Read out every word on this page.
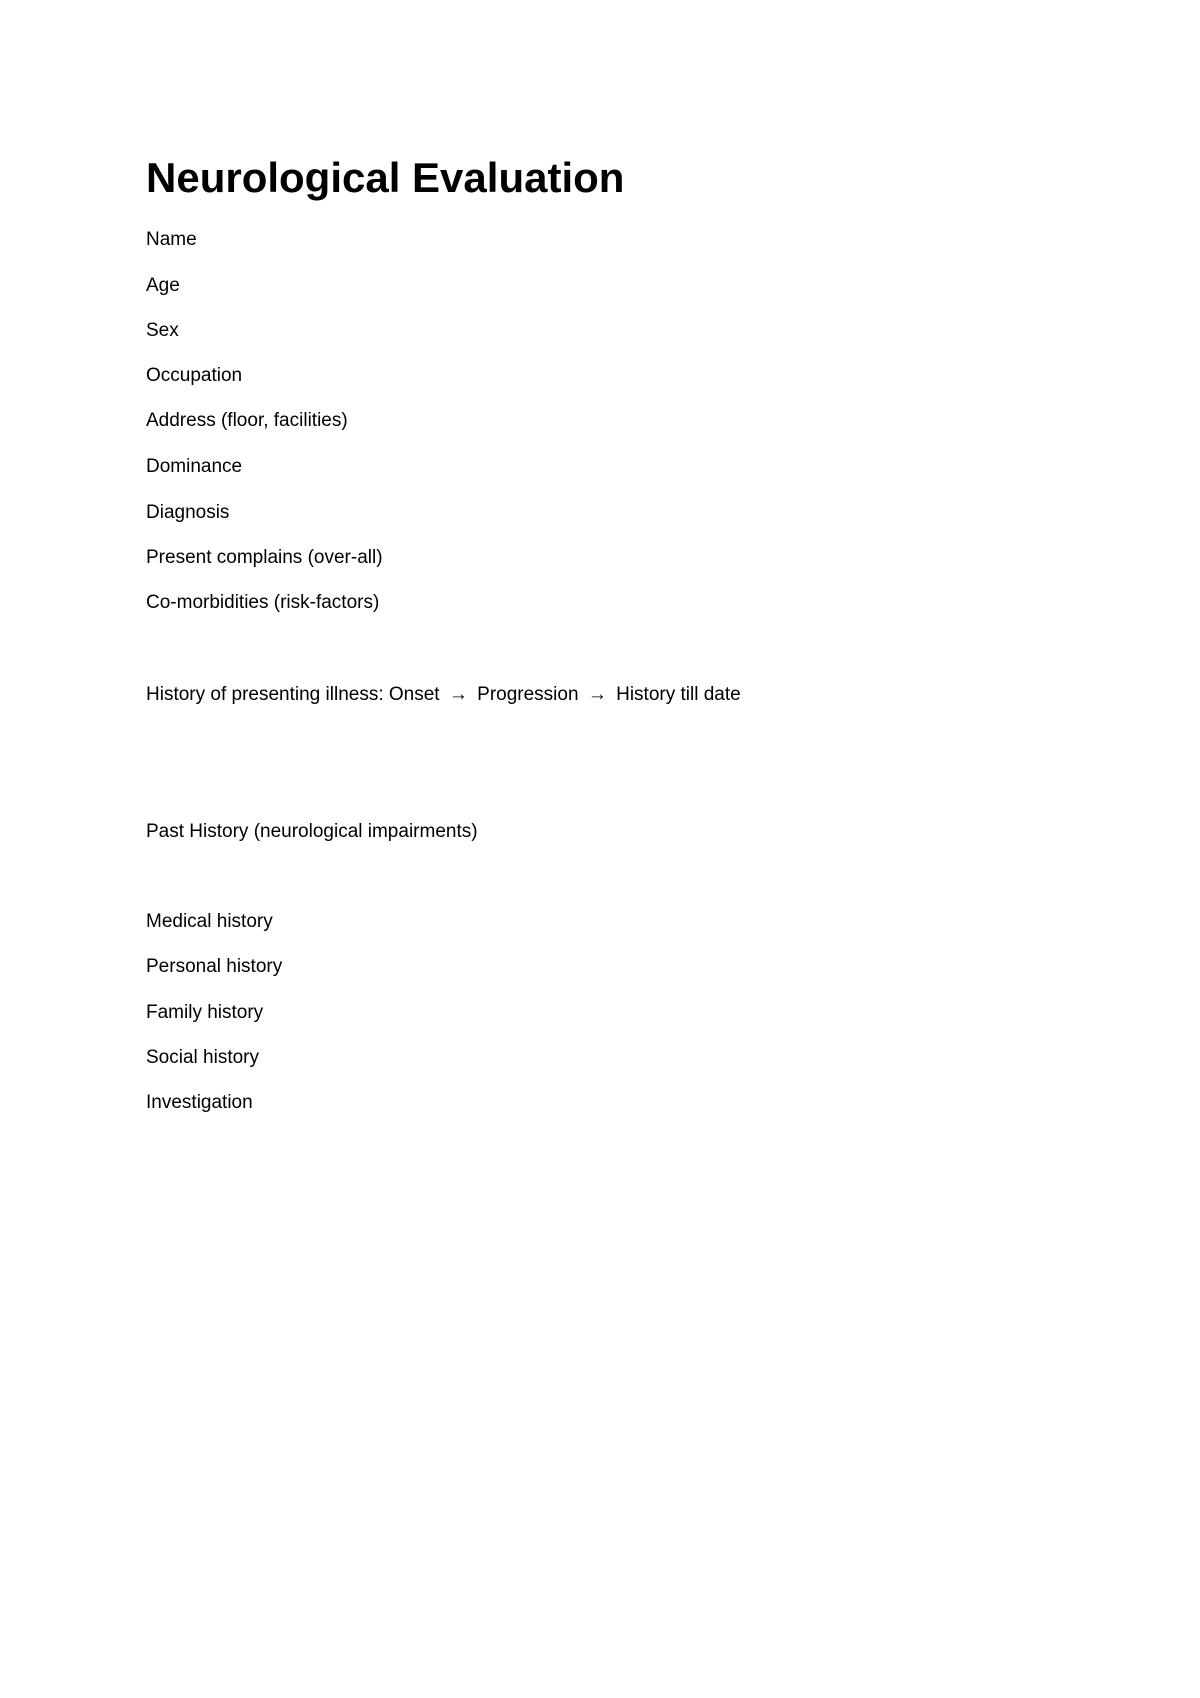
Neurological Evaluation

Name

Age

Sex

Occupation

Address (floor, facilities)

Dominance

Diagnosis

Present complains (over-all)

Co-morbidities (risk-factors)

History of presenting illness: Onset → Progression → History till date

Past History (neurological impairments)

Medical history

Personal history

Family history

Social history

Investigation
